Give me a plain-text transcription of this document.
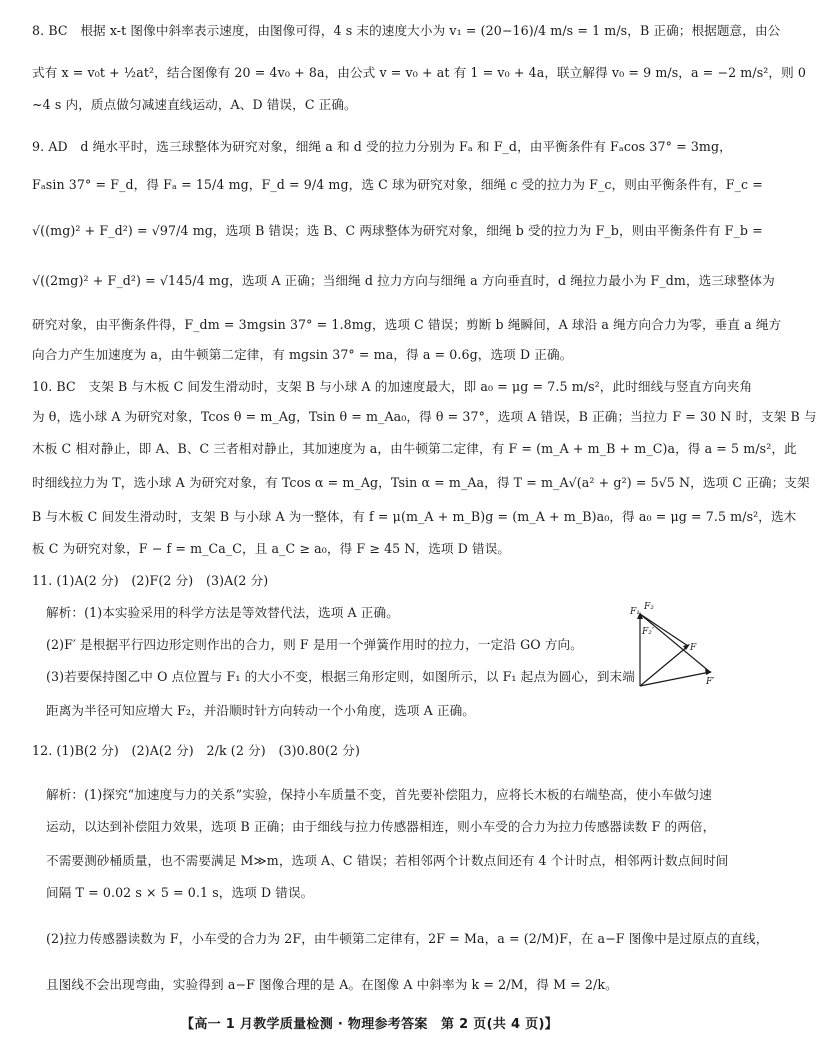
8. BC　根据 x-t 图像中斜率表示速度，由图像可得，4 s 末的速度大小为 v₁ = (20−16)/4 m/s = 1 m/s，B 正确；根据题意，由公
式有 x = v₀t + ½at²，结合图像有 20 = 4v₀ + 8a，由公式 v = v₀ + at 有 1 = v₀ + 4a，联立解得 v₀ = 9 m/s，a = −2 m/s²，则 0
~4 s 内，质点做匀减速直线运动，A、D 错误，C 正确。
9. AD　d 绳水平时，选三球整体为研究对象，细绳 a 和 d 受的拉力分别为 Fₐ 和 F_d，由平衡条件有 Fₐcos 37° = 3mg，
Fₐsin 37° = F_d，得 Fₐ = 15/4 mg，F_d = 9/4 mg，选 C 球为研究对象，细绳 c 受的拉力为 F_c，则由平衡条件有，F_c =
√((mg)² + F_d²) = √97/4 mg，选项 B 错误；选 B、C 两球整体为研究对象，细绳 b 受的拉力为 F_b，则由平衡条件有 F_b =
√((2mg)² + F_d²) = √145/4 mg，选项 A 正确；当细绳 d 拉力方向与细绳 a 方向垂直时，d 绳拉力最小为 F_dm，选三球整体为
研究对象，由平衡条件得，F_dm = 3mgsin 37° = 1.8mg，选项 C 错误；剪断 b 绳瞬间，A 球沿 a 绳方向合力为零，垂直 a 绳方
向合力产生加速度为 a，由牛顿第二定律，有 mgsin 37° = ma，得 a = 0.6g，选项 D 正确。
10. BC　支架 B 与木板 C 间发生滑动时，支架 B 与小球 A 的加速度最大，即 a₀ = μg = 7.5 m/s²，此时细线与竖直方向夹角
为 θ，选小球 A 为研究对象，Tcos θ = m_Ag，Tsin θ = m_Aa₀，得 θ = 37°，选项 A 错误，B 正确；当拉力 F = 30 N 时，支架 B 与
木板 C 相对静止，即 A、B、C 三者相对静止，其加速度为 a，由牛顿第二定律，有 F = (m_A + m_B + m_C)a，得 a = 5 m/s²，此
时细线拉力为 T，选小球 A 为研究对象，有 Tcos α = m_Ag，Tsin α = m_Aa，得 T = m_A√(a² + g²) = 5√5 N，选项 C 正确；支架
B 与木板 C 间发生滑动时，支架 B 与小球 A 为一整体，有 f = μ(m_A + m_B)g = (m_A + m_B)a₀，得 a₀ = μg = 7.5 m/s²，选木
板 C 为研究对象，F − f = m_Ca_C，且 a_C ≥ a₀，得 F ≥ 45 N，选项 D 错误。
11. (1)A(2 分)　(2)F(2 分)　(3)A(2 分)
解析：(1)本实验采用的科学方法是等效替代法，选项 A 正确。
(2)F′ 是根据平行四边形定则作出的合力，则 F 是用一个弹簧作用时的拉力，一定沿 GO 方向。
(3)若要保持图乙中 O 点位置与 F₁ 的大小不变，根据三角形定则，如图所示，以 F₁ 起点为圆心，到末端
距离为半径可知应增大 F₂，并沿顺时针方向转动一个小角度，选项 A 正确。
12. (1)B(2 分)　(2)A(2 分)　2/k (2 分)　(3)0.80(2 分)
解析：(1)探究“加速度与力的关系”实验，保持小车质量不变，首先要补偿阻力，应将长木板的右端垫高，使小车做匀速
运动，以达到补偿阻力效果，选项 B 正确；由于细线与拉力传感器相连，则小车受的合力为拉力传感器读数 F 的两倍，
不需要测砂桶质量，也不需要满足 M≫m，选项 A、C 错误；若相邻两个计数点间还有 4 个计时点，相邻两计数点间时间
间隔 T = 0.02 s × 5 = 0.1 s，选项 D 错误。
(2)拉力传感器读数为 F，小车受的合力为 2F，由牛顿第二定律有，2F = Ma，a = (2/M)F，在 a−F 图像中是过原点的直线，
且图线不会出现弯曲，实验得到 a−F 图像合理的是 A。在图像 A 中斜率为 k = 2/M，得 M = 2/k。
F₁ F₂
F₂′
F
F′
【高一 1 月教学质量检测 · 物理参考答案　第 2 页(共 4 页)】
